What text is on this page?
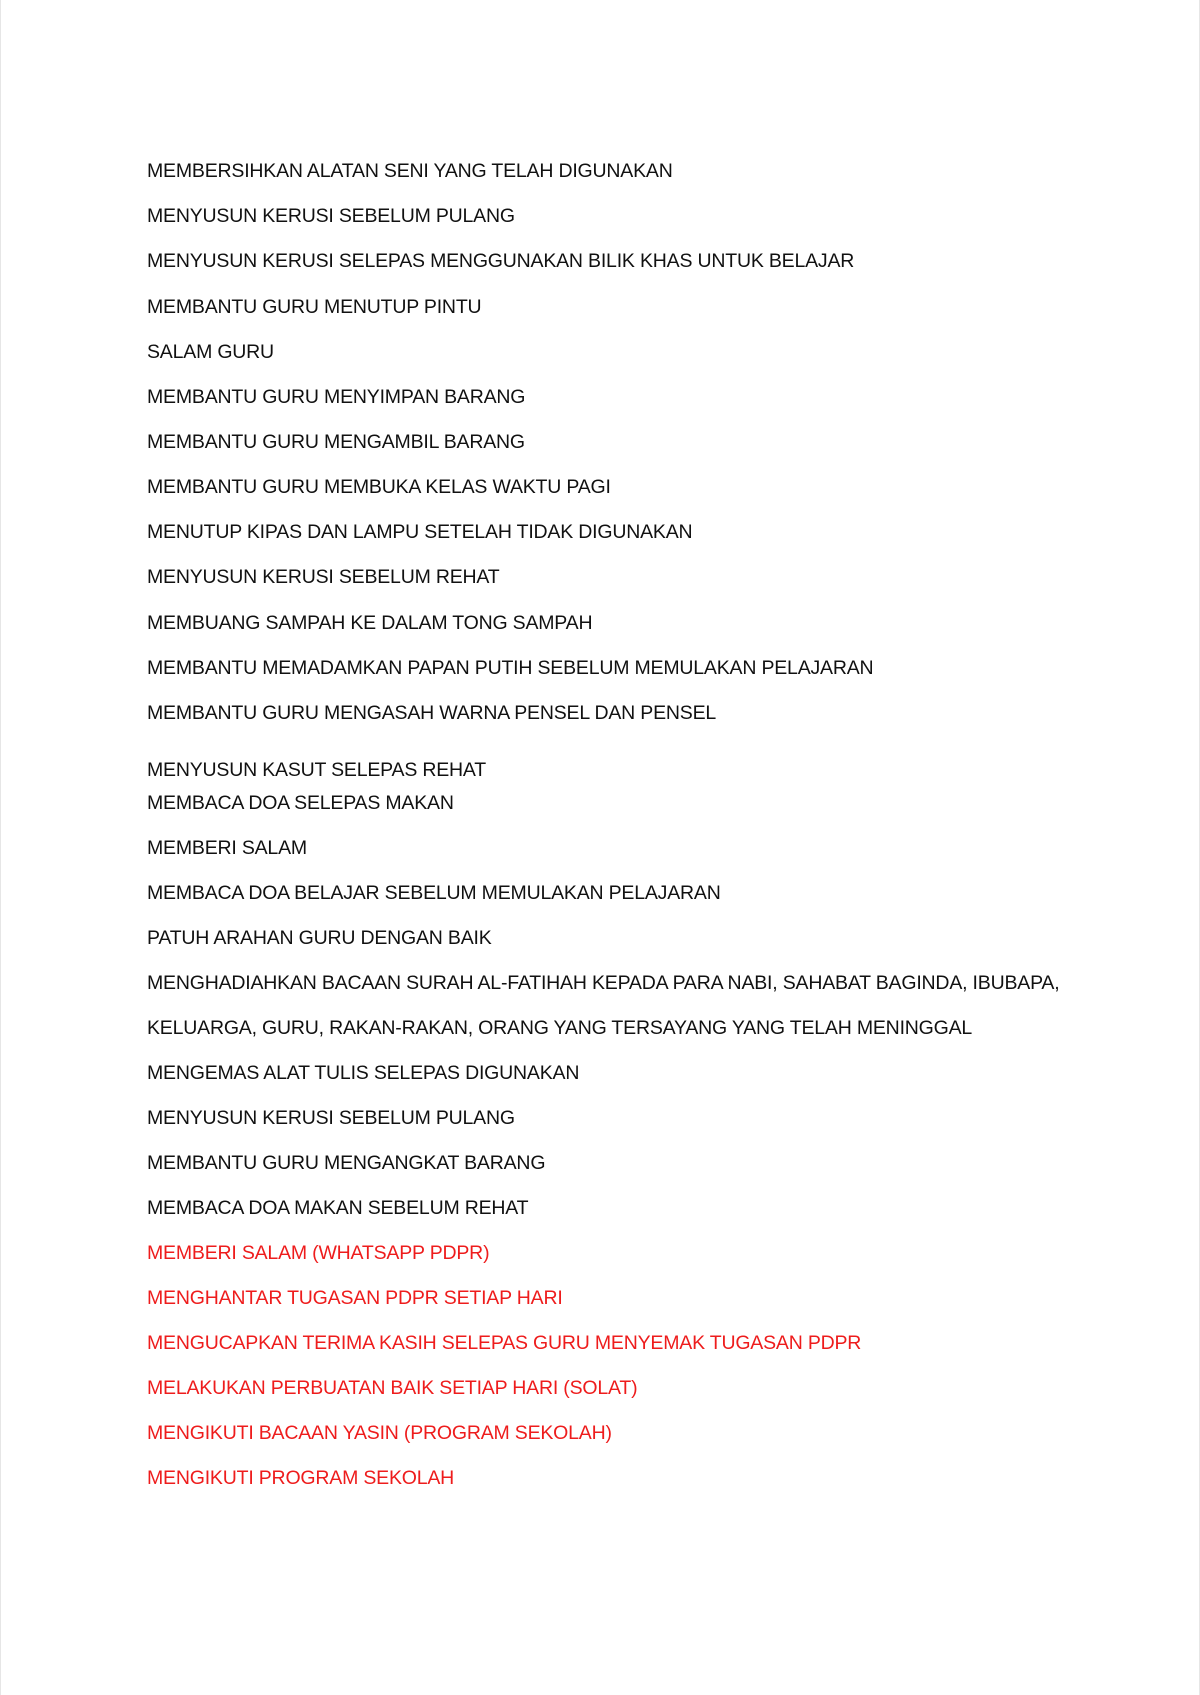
MEMBERSIHKAN ALATAN SENI YANG TELAH DIGUNAKAN
MENYUSUN KERUSI SEBELUM PULANG
MENYUSUN KERUSI SELEPAS MENGGUNAKAN BILIK KHAS UNTUK BELAJAR
MEMBANTU GURU MENUTUP PINTU
SALAM GURU
MEMBANTU GURU MENYIMPAN BARANG
MEMBANTU GURU MENGAMBIL BARANG
MEMBANTU GURU MEMBUKA KELAS WAKTU PAGI
MENUTUP KIPAS DAN LAMPU SETELAH TIDAK DIGUNAKAN
MENYUSUN KERUSI SEBELUM REHAT
MEMBUANG SAMPAH KE DALAM TONG SAMPAH
MEMBANTU MEMADAMKAN PAPAN PUTIH SEBELUM MEMULAKAN PELAJARAN
MEMBANTU GURU MENGASAH WARNA PENSEL DAN PENSEL
MENYUSUN KASUT SELEPAS REHAT
MEMBACA DOA SELEPAS MAKAN
MEMBERI SALAM
MEMBACA DOA BELAJAR SEBELUM MEMULAKAN PELAJARAN
PATUH ARAHAN GURU DENGAN BAIK
MENGHADIAHKAN BACAAN SURAH AL-FATIHAH KEPADA PARA NABI, SAHABAT BAGINDA, IBUBAPA,
KELUARGA, GURU, RAKAN-RAKAN, ORANG YANG TERSAYANG YANG TELAH MENINGGAL
MENGEMAS ALAT TULIS SELEPAS DIGUNAKAN
MENYUSUN KERUSI SEBELUM PULANG
MEMBANTU GURU MENGANGKAT BARANG
MEMBACA DOA MAKAN SEBELUM REHAT
MEMBERI SALAM (WHATSAPP PDPR)
MENGHANTAR TUGASAN PDPR SETIAP HARI
MENGUCAPKAN TERIMA KASIH SELEPAS GURU MENYEMAK TUGASAN PDPR
MELAKUKAN PERBUATAN BAIK SETIAP HARI (SOLAT)
MENGIKUTI BACAAN YASIN (PROGRAM SEKOLAH)
MENGIKUTI PROGRAM SEKOLAH
